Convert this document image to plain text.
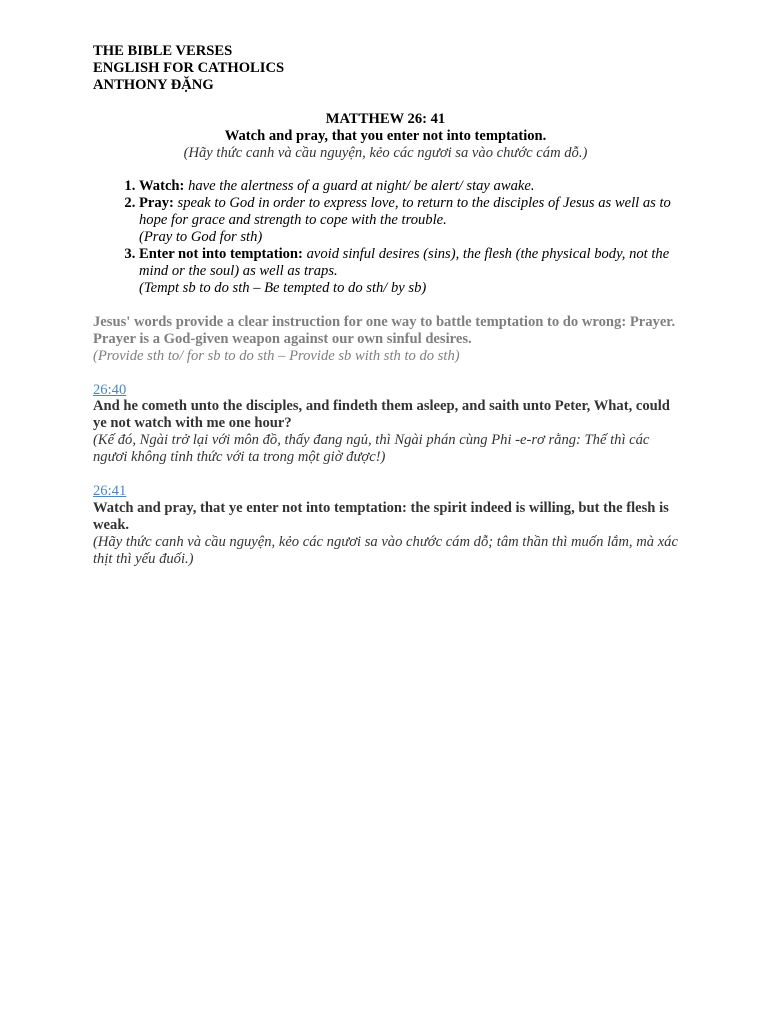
THE BIBLE VERSES
ENGLISH FOR CATHOLICS
ANTHONY ĐẶNG
MATTHEW 26: 41
Watch and pray, that you enter not into temptation.
(Hãy thức canh và cầu nguyện, kẻo các ngươi sa vào chước cám dỗ.)
1. Watch: have the alertness of a guard at night/ be alert/ stay awake.
2. Pray: speak to God in order to express love, to return to the disciples of Jesus as well as to hope for grace and strength to cope with the trouble.
(Pray to God for sth)
3. Enter not into temptation: avoid sinful desires (sins), the flesh (the physical body, not the mind or the soul) as well as traps.
(Tempt sb to do sth – Be tempted to do sth/ by sb)
Jesus' words provide a clear instruction for one way to battle temptation to do wrong: Prayer. Prayer is a God-given weapon against our own sinful desires.
(Provide sth to/ for sb to do sth – Provide sb with sth to do sth)
26:40
And he cometh unto the disciples, and findeth them asleep, and saith unto Peter, What, could ye not watch with me one hour?
(Kế đó, Ngài trở lại với môn đồ, thấy đang ngủ, thì Ngài phán cùng Phi -e-rơ rằng: Thế thì các ngươi không tỉnh thức với ta trong một giờ được!)
26:41
Watch and pray, that ye enter not into temptation: the spirit indeed is willing, but the flesh is weak.
(Hãy thức canh và cầu nguyện, kẻo các ngươi sa vào chước cám dỗ; tâm thần thì muốn lắm, mà xác thịt thì yếu đuối.)
